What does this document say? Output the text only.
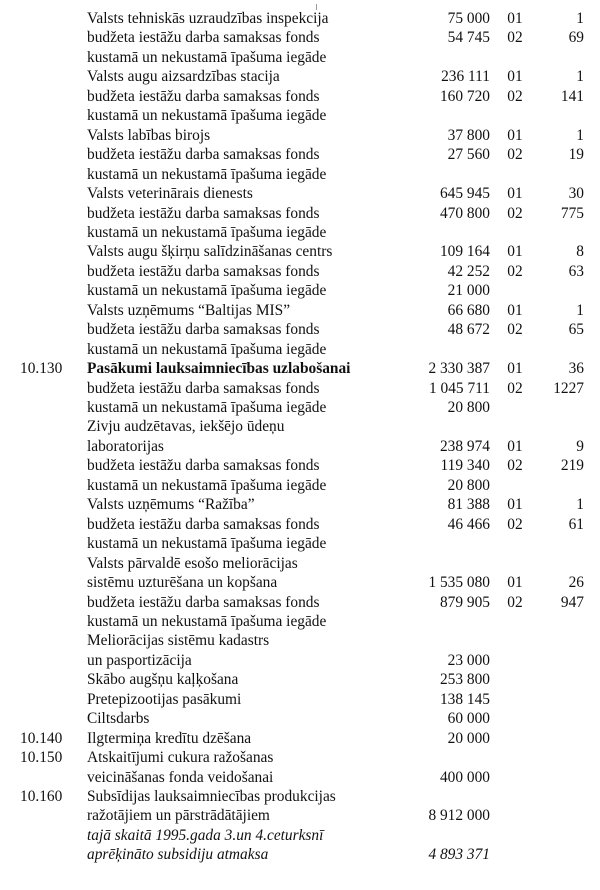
Valsts tehniskās uzraudzības inspekcija	75 000	01	1
budžeta iestāžu darba samaksas fonds	54 745	02	69
kustamā un nekustamā īpašuma iegāde
Valsts augu aizsardzības stacija	236 111	01	1
budžeta iestāžu darba samaksas fonds	160 720	02	141
kustamā un nekustamā īpašuma iegāde
Valsts labības birojs	37 800	01	1
budžeta iestāžu darba samaksas fonds	27 560	02	19
kustamā un nekustamā īpašuma iegāde
Valsts veterinārais dienests	645 945	01	30
budžeta iestāžu darba samaksas fonds	470 800	02	775
kustamā un nekustamā īpašuma iegāde
Valsts augu šķirņu salīdzināšanas centrs	109 164	01	8
budžeta iestāžu darba samaksas fonds	42 252	02	63
kustamā un nekustamā īpašuma iegāde	21 000
Valsts uzņēmums “Baltijas MIS”	66 680	01	1
budžeta iestāžu darba samaksas fonds	48 672	02	65
kustamā un nekustamā īpašuma iegāde
10.130 Pasākumi lauksaimniecības uzlabošanai	2 330 387	01	36
budžeta iestāžu darba samaksas fonds	1 045 711	02	1227
kustamā un nekustamā īpašuma iegāde	20 800
Zivju audzētavas, iekšējo ūdeņu
laboratorijas	238 974	01	9
budžeta iestāžu darba samaksas fonds	119 340	02	219
kustamā un nekustamā īpašuma iegāde	20 800
Valsts uzņēmums “Ražība”	81 388	01	1
budžeta iestāžu darba samaksas fonds	46 466	02	61
kustamā un nekustamā īpašuma iegāde
Valsts pārvaldē esošo meliorācijas
sistēmu uzturēšana un kopšana	1 535 080	01	26
budžeta iestāžu darba samaksas fonds	879 905	02	947
kustamā un nekustamā īpašuma iegāde
Meliorācijas sistēmu kadastrs
un pasportizācija	23 000
Skābo augšņu kaļķošana	253 800
Pretepizootijas pasākumi	138 145
Ciltsdarbs	60 000
10.140 Ilgtermiņa kredītu dzēšana	20 000
10.150 Atskaitījumi cukura ražošanas
veicināšanas fonda veidošanai	400 000
10.160 Subsīdijas lauksaimniecības produkcijas
ražotājiem un pārstrādātājiem	8 912 000
tajā skaitā 1995.gada 3.un 4.ceturksnī
aprēķināto subsidiju atmaksa	4 893 371
